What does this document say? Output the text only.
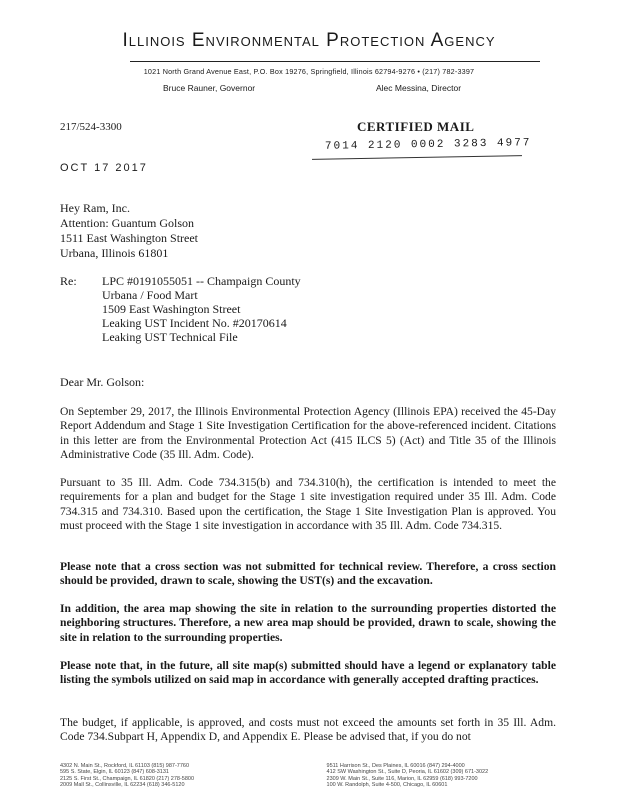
Illinois Environmental Protection Agency
1021 North Grand Avenue East, P.O. Box 19276, Springfield, Illinois 62794-9276 • (217) 782-3397
Bruce Rauner, Governor	Alec Messina, Director
217/524-3300	CERTIFIED MAIL
7014 2120 0002 3283 4977
OCT 17 2017

Hey Ram, Inc.

Attention: Guantum Golson

1511 East Washington Street

Urbana, Illinois 61801

Re: LPC #0191055051 -- Champaign County

Urbana / Food Mart

1509 East Washington Street

Leaking UST Incident No. #20170614

Leaking UST Technical File

Dear Mr. Golson:
On September 29, 2017, the Illinois Environmental Protection Agency (Illinois EPA) received the 45-Day Report Addendum and Stage 1 Site Investigation Certification for the above-referenced incident. Citations in this letter are from the Environmental Protection Act (415 ILCS 5) (Act) and Title 35 of the Illinois Administrative Code (35 Ill. Adm. Code).
Pursuant to 35 Ill. Adm. Code 734.315(b) and 734.310(h), the certification is intended to meet the requirements for a plan and budget for the Stage 1 site investigation required under 35 Ill. Adm. Code 734.315 and 734.310. Based upon the certification, the Stage 1 Site Investigation Plan is approved. You must proceed with the Stage 1 site investigation in accordance with 35 Ill. Adm. Code 734.315.
Please note that a cross section was not submitted for technical review. Therefore, a cross section should be provided, drawn to scale, showing the UST(s) and the excavation.
In addition, the area map showing the site in relation to the surrounding properties distorted the neighboring structures. Therefore, a new area map should be provided, drawn to scale, showing the site in relation to the surrounding properties.
Please note that, in the future, all site map(s) submitted should have a legend or explanatory table listing the symbols utilized on said map in accordance with generally accepted drafting practices.
The budget, if applicable, is approved, and costs must not exceed the amounts set forth in 35 Ill. Adm. Code 734.Subpart H, Appendix D, and Appendix E. Please be advised that, if you do not
4302 N. Main St., Rockford, IL 61103 (815) 987-7760
595 S. State, Elgin, IL 60123 (847) 608-3131
2125 S. First St., Champaign, IL 61820 (217) 278-5800
2009 Mall St., Collinsville, IL 62234 (618) 346-5120

9511 Harrison St., Des Plaines, IL 60016 (847) 294-4000
412 SW Washington St., Suite D, Peoria, IL 61602 (309) 671-3022
2309 W. Main St., Suite 116, Marion, IL 62959 (618) 993-7200
100 W. Randolph, Suite 4-500, Chicago, IL 60601
